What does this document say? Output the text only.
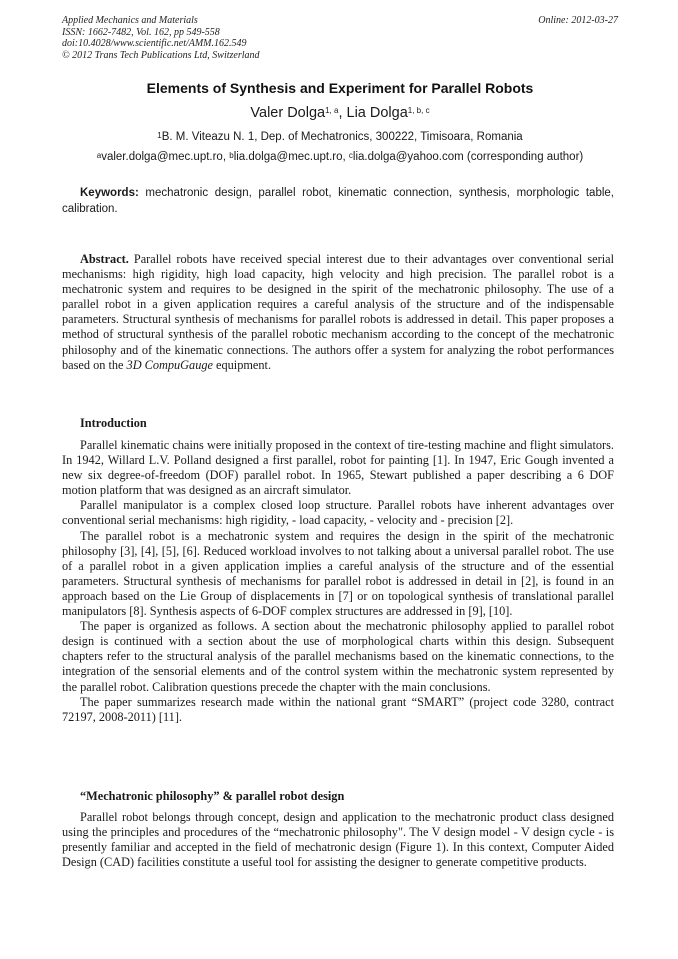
Applied Mechanics and Materials
ISSN: 1662-7482, Vol. 162, pp 549-558
doi:10.4028/www.scientific.net/AMM.162.549
© 2012 Trans Tech Publications Ltd, Switzerland
Online: 2012-03-27
Elements of Synthesis and Experiment for Parallel Robots
Valer Dolga$^{1, a}$, Lia Dolga$^{1, b, c}$
$^1$B. M. Viteazu N. 1, Dep. of Mechatronics, 300222, Timisoara, Romania
$^a$valer.dolga@mec.upt.ro, $^b$lia.dolga@mec.upt.ro, $^c$lia.dolga@yahoo.com (corresponding author)
Keywords: mechatronic design, parallel robot, kinematic connection, synthesis, morphologic table, calibration.

Abstract. Parallel robots have received special interest due to their advantages over conventional serial mechanisms: high rigidity, high load capacity, high velocity and high precision. The parallel robot is a mechatronic system and requires to be designed in the spirit of the mechatronic philosophy. The use of a parallel robot in a given application requires a careful analysis of the structure and of the indispensable parameters. Structural synthesis of mechanisms for parallel robots is addressed in detail. This paper proposes a method of structural synthesis of the parallel robotic mechanism according to the concept of the mechatronic philosophy and of the kinematic connections. The authors offer a system for analyzing the robot performances based on the 3D CompuGauge equipment.

Introduction

Parallel kinematic chains were initially proposed in the context of tire-testing machine and flight simulators. In 1942, Willard L.V. Polland designed a first parallel, robot for painting [1]. In 1947, Eric Gough invented a new six degree-of-freedom (DOF) parallel robot. In 1965, Stewart published a paper describing a 6 DOF motion platform that was designed as an aircraft simulator.

Parallel manipulator is a complex closed loop structure. Parallel robots have inherent advantages over conventional serial mechanisms: high rigidity, - load capacity, - velocity and - precision [2].

The parallel robot is a mechatronic system and requires the design in the spirit of the mechatronic philosophy [3], [4], [5], [6]. Reduced workload involves to not talking about a universal parallel robot. The use of a parallel robot in a given application implies a careful analysis of the structure and of the essential parameters. Structural synthesis of mechanisms for parallel robot is addressed in detail in [2], is found in an approach based on the Lie Group of displacements in [7] or on topological synthesis of translational parallel manipulators [8]. Synthesis aspects of 6-DOF complex structures are addressed in [9], [10].

The paper is organized as follows. A section about the mechatronic philosophy applied to parallel robot design is continued with a section about the use of morphological charts within this design. Subsequent chapters refer to the structural analysis of the parallel mechanisms based on the kinematic connections, to the integration of the sensorial elements and of the control system within the mechatronic system represented by the parallel robot. Calibration questions precede the chapter with the main conclusions.

The paper summarizes research made within the national grant “SMART” (project code 3280, contract 72197, 2008-2011) [11].

“Mechatronic philosophy” & parallel robot design

Parallel robot belongs through concept, design and application to the mechatronic product class designed using the principles and procedures of the “mechatronic philosophy". The V design model - V design cycle - is presently familiar and accepted in the field of mechatronic design (Figure 1). In this context, Computer Aided Design (CAD) facilities constitute a useful tool for assisting the designer to generate competitive products.
